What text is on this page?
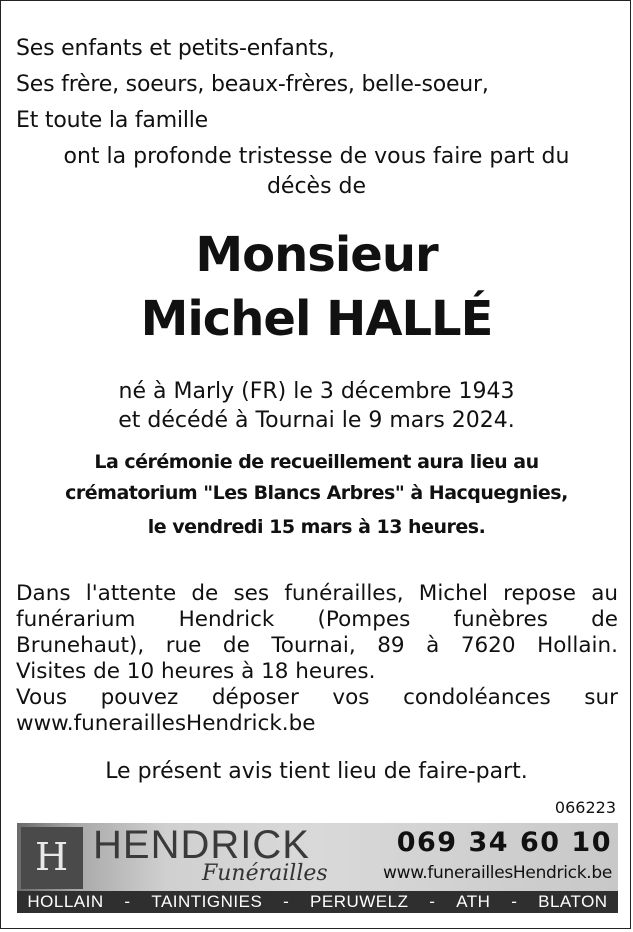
Ses enfants et petits-enfants,
Ses frère, soeurs, beaux-frères, belle-soeur,
Et toute la famille
ont la profonde tristesse de vous faire part du
décès de
Monsieur
Michel HALLÉ
né à Marly (FR) le 3 décembre 1943
et décédé à Tournai le 9 mars 2024.
La cérémonie de recueillement aura lieu au
crématorium "Les Blancs Arbres" à Hacquegnies,
le vendredi 15 mars à 13 heures.
Dans l'attente de ses funérailles, Michel repose au
funérarium Hendrick (Pompes funèbres de
Brunehaut), rue de Tournai, 89 à 7620 Hollain.
Visites de 10 heures à 18 heures.
Vous pouvez déposer vos condoléances sur
www.funeraillesHendrick.be
Le présent avis tient lieu de faire-part.
066223
H HENDRICK
Funérailles
069 34 60 10
www.funeraillesHendrick.be
HOLLAIN - TAINTIGNIES - PERUWELZ - ATH - BLATON
